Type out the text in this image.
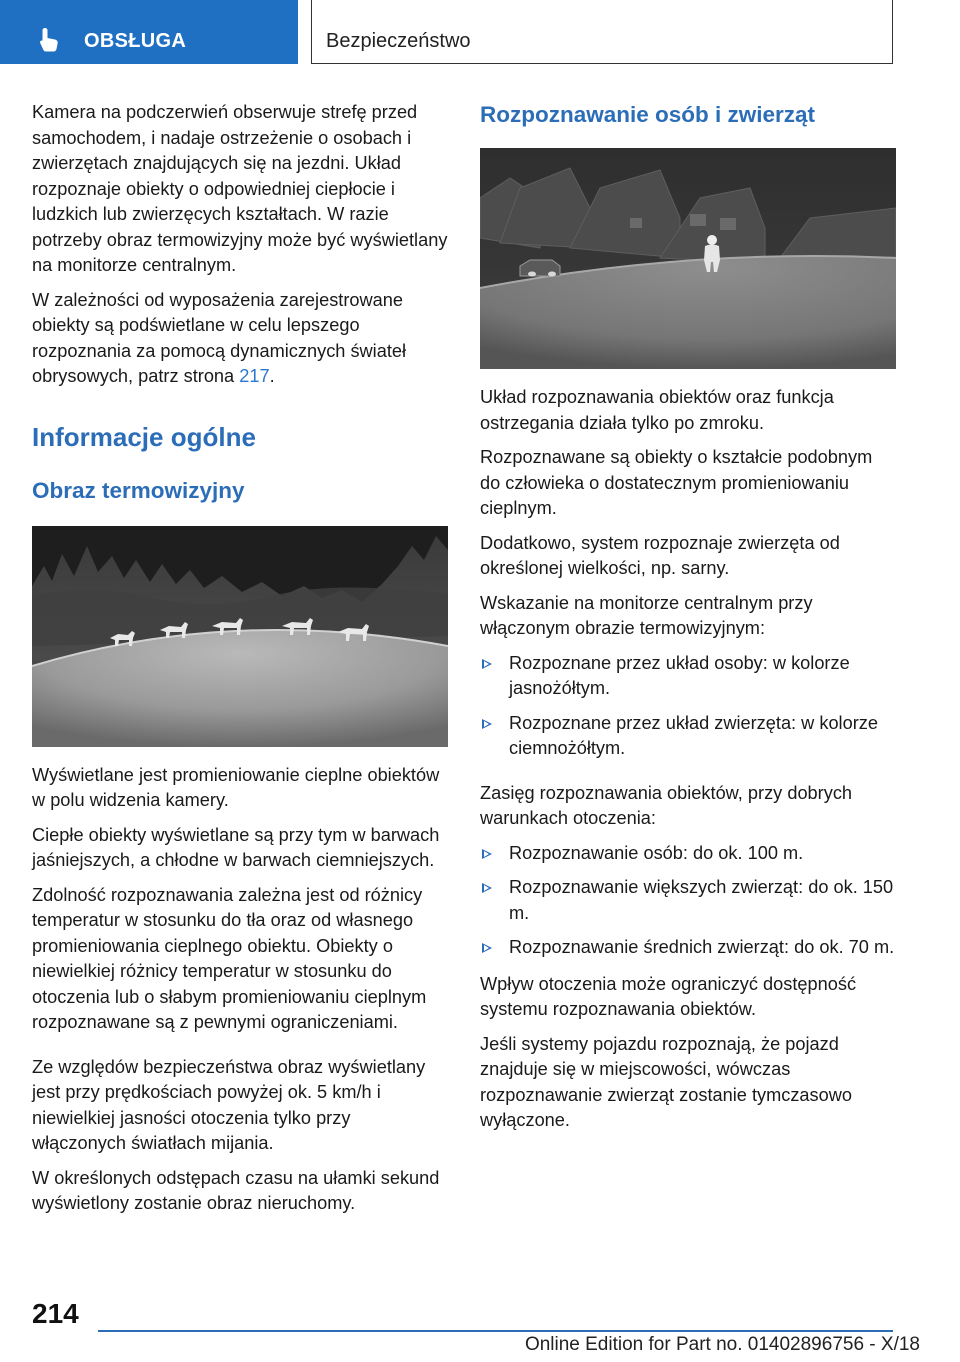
OBSŁUGA	Bezpieczeństwo

Kamera na podczerwień obserwuje strefę przed samochodem, i nadaje ostrzeżenie o osobach i zwierzętach znajdujących się na jezdni. Układ rozpoznaje obiekty o odpowiedniej ciepłocie i ludzkich lub zwierzęcych kształtach. W razie potrzeby obraz termowizyjny może być wyświetlany na monitorze centralnym.

W zależności od wyposażenia zarejestrowane obiekty są podświetlane w celu lepszego rozpoznania za pomocą dynamicznych świateł obrysowych, patrz strona 217.

Informacje ogólne
Obraz termowizyjny

Wyświetlane jest promieniowanie cieplne obiektów w polu widzenia kamery.

Ciepłe obiekty wyświetlane są przy tym w barwach jaśniejszych, a chłodne w barwach ciemniejszych.

Zdolność rozpoznawania zależna jest od różnicy temperatur w stosunku do tła oraz od własnego promieniowania cieplnego obiektu. Obiekty o niewielkiej różnicy temperatur w stosunku do otoczenia lub o słabym promieniowaniu cieplnym rozpoznawane są z pewnymi ograniczeniami.

Ze względów bezpieczeństwa obraz wyświetlany jest przy prędkościach powyżej ok. 5 km/h i niewielkiej jasności otoczenia tylko przy włączonych światłach mijania.

W określonych odstępach czasu na ułamki sekund wyświetlony zostanie obraz nieruchomy.

Rozpoznawanie osób i zwierząt

Układ rozpoznawania obiektów oraz funkcja ostrzegania działa tylko po zmroku.

Rozpoznawane są obiekty o kształcie podobnym do człowieka o dostatecznym promieniowaniu cieplnym.

Dodatkowo, system rozpoznaje zwierzęta od określonej wielkości, np. sarny.

Wskazanie na monitorze centralnym przy włączonym obrazie termowizyjnym:

Rozpoznane przez układ osoby: w kolorze jasnożółtym.
Rozpoznane przez układ zwierzęta: w kolorze ciemnożółtym.

Zasięg rozpoznawania obiektów, przy dobrych warunkach otoczenia:

Rozpoznawanie osób: do ok. 100 m.
Rozpoznawanie większych zwierząt: do ok. 150 m.
Rozpoznawanie średnich zwierząt: do ok. 70 m.

Wpływ otoczenia może ograniczyć dostępność systemu rozpoznawania obiektów.

Jeśli systemy pojazdu rozpoznają, że pojazd znajduje się w miejscowości, wówczas rozpoznawanie zwierząt zostanie tymczasowo wyłączone.

214
Online Edition for Part no. 01402896756 - X/18
